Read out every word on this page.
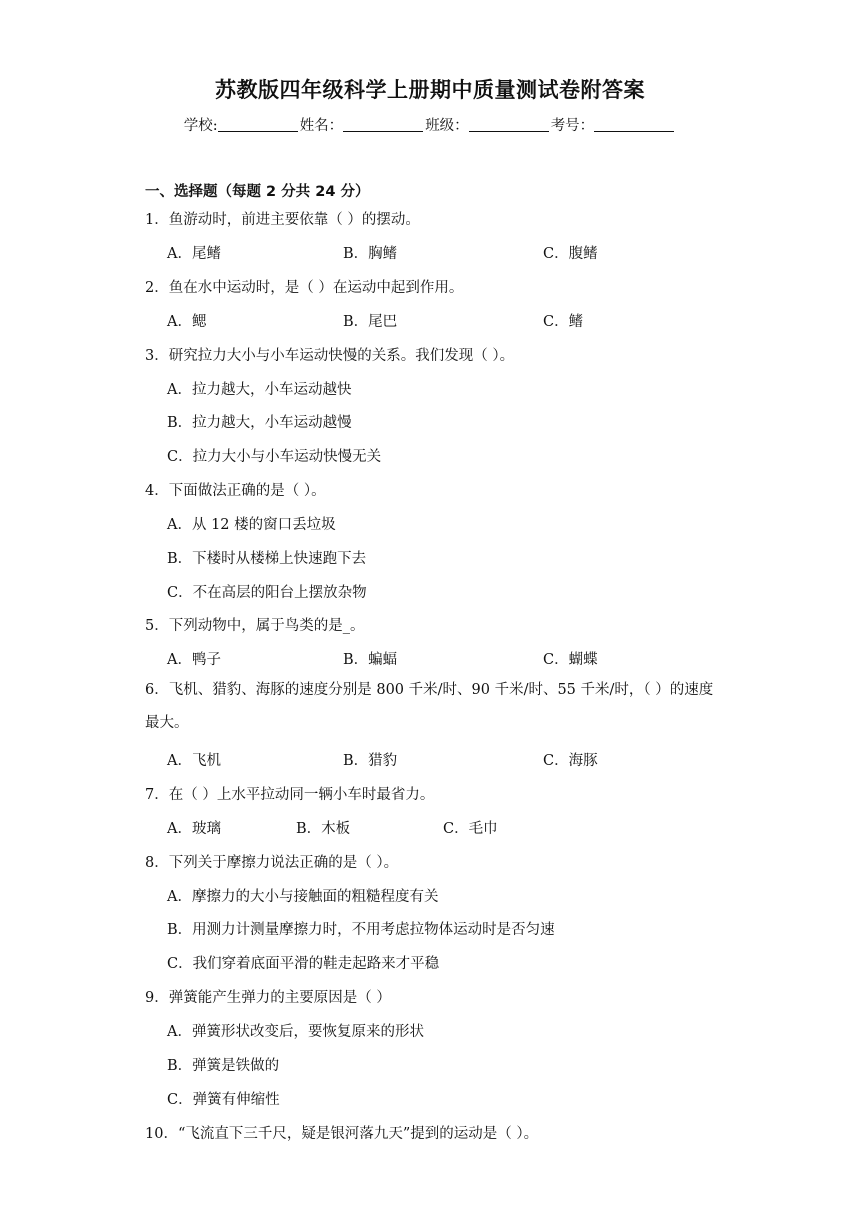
苏教版四年级科学上册期中质量测试卷附答案
学校:	姓名：	班级：	考号：
一、选择题（每题 2 分共 24 分）
1．鱼游动时，前进主要依靠（ ）的摆动。
A．尾鳍	B．胸鳍	C．腹鳍
2．鱼在水中运动时，是（ ）在运动中起到作用。
A．鳃	B．尾巴	C．鳍
3．研究拉力大小与小车运动快慢的关系。我们发现（ ）。
A．拉力越大，小车运动越快
B．拉力越大，小车运动越慢
C．拉力大小与小车运动快慢无关
4．下面做法正确的是（ ）。
A．从 12 楼的窗口丢垃圾
B．下楼时从楼梯上快速跑下去
C．不在高层的阳台上摆放杂物
5．下列动物中，属于鸟类的是_。
A．鸭子	B．蝙蝠	C．蝴蝶
6．飞机、猎豹、海豚的速度分别是 800 千米/时、90 千米/时、55 千米/时，（ ）的速度最大。
A．飞机	B．猎豹	C．海豚
7．在（ ）上水平拉动同一辆小车时最省力。
A．玻璃	B．木板	C．毛巾
8．下列关于摩擦力说法正确的是（ ）。
A．摩擦力的大小与接触面的粗糙程度有关
B．用测力计测量摩擦力时，不用考虑拉物体运动时是否匀速
C．我们穿着底面平滑的鞋走起路来才平稳
9．弹簧能产生弹力的主要原因是（ ）
A．弹簧形状改变后，要恢复原来的形状
B．弹簧是铁做的
C．弹簧有伸缩性
10．“飞流直下三千尺，疑是银河落九天”提到的运动是（ ）。
